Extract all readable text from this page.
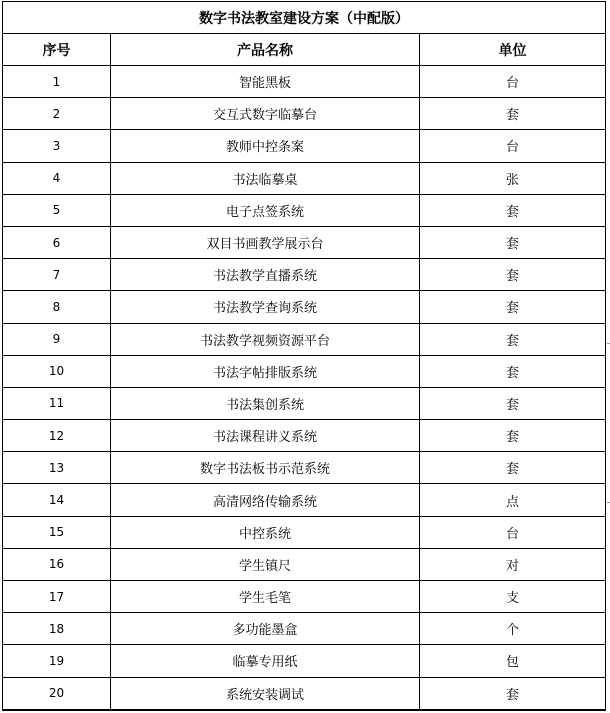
数字书法教室建设方案（中配版）		
序号	产品名称	单位
1	智能黑板	台
2	交互式数字临摹台	套
3	教师中控条案	台
4	书法临摹桌	张
5	电子点签系统	套
6	双目书画教学展示台	套
7	书法教学直播系统	套
8	书法教学查询系统	套
9	书法教学视频资源平台	套
10	书法字帖排版系统	套
11	书法集创系统	套
12	书法课程讲义系统	套
13	数字书法板书示范系统	套
14	高清网络传输系统	点
15	中控系统	台
16	学生镇尺	对
17	学生毛笔	支
18	多功能墨盒	个
19	临摹专用纸	包
20	系统安装调试	套
